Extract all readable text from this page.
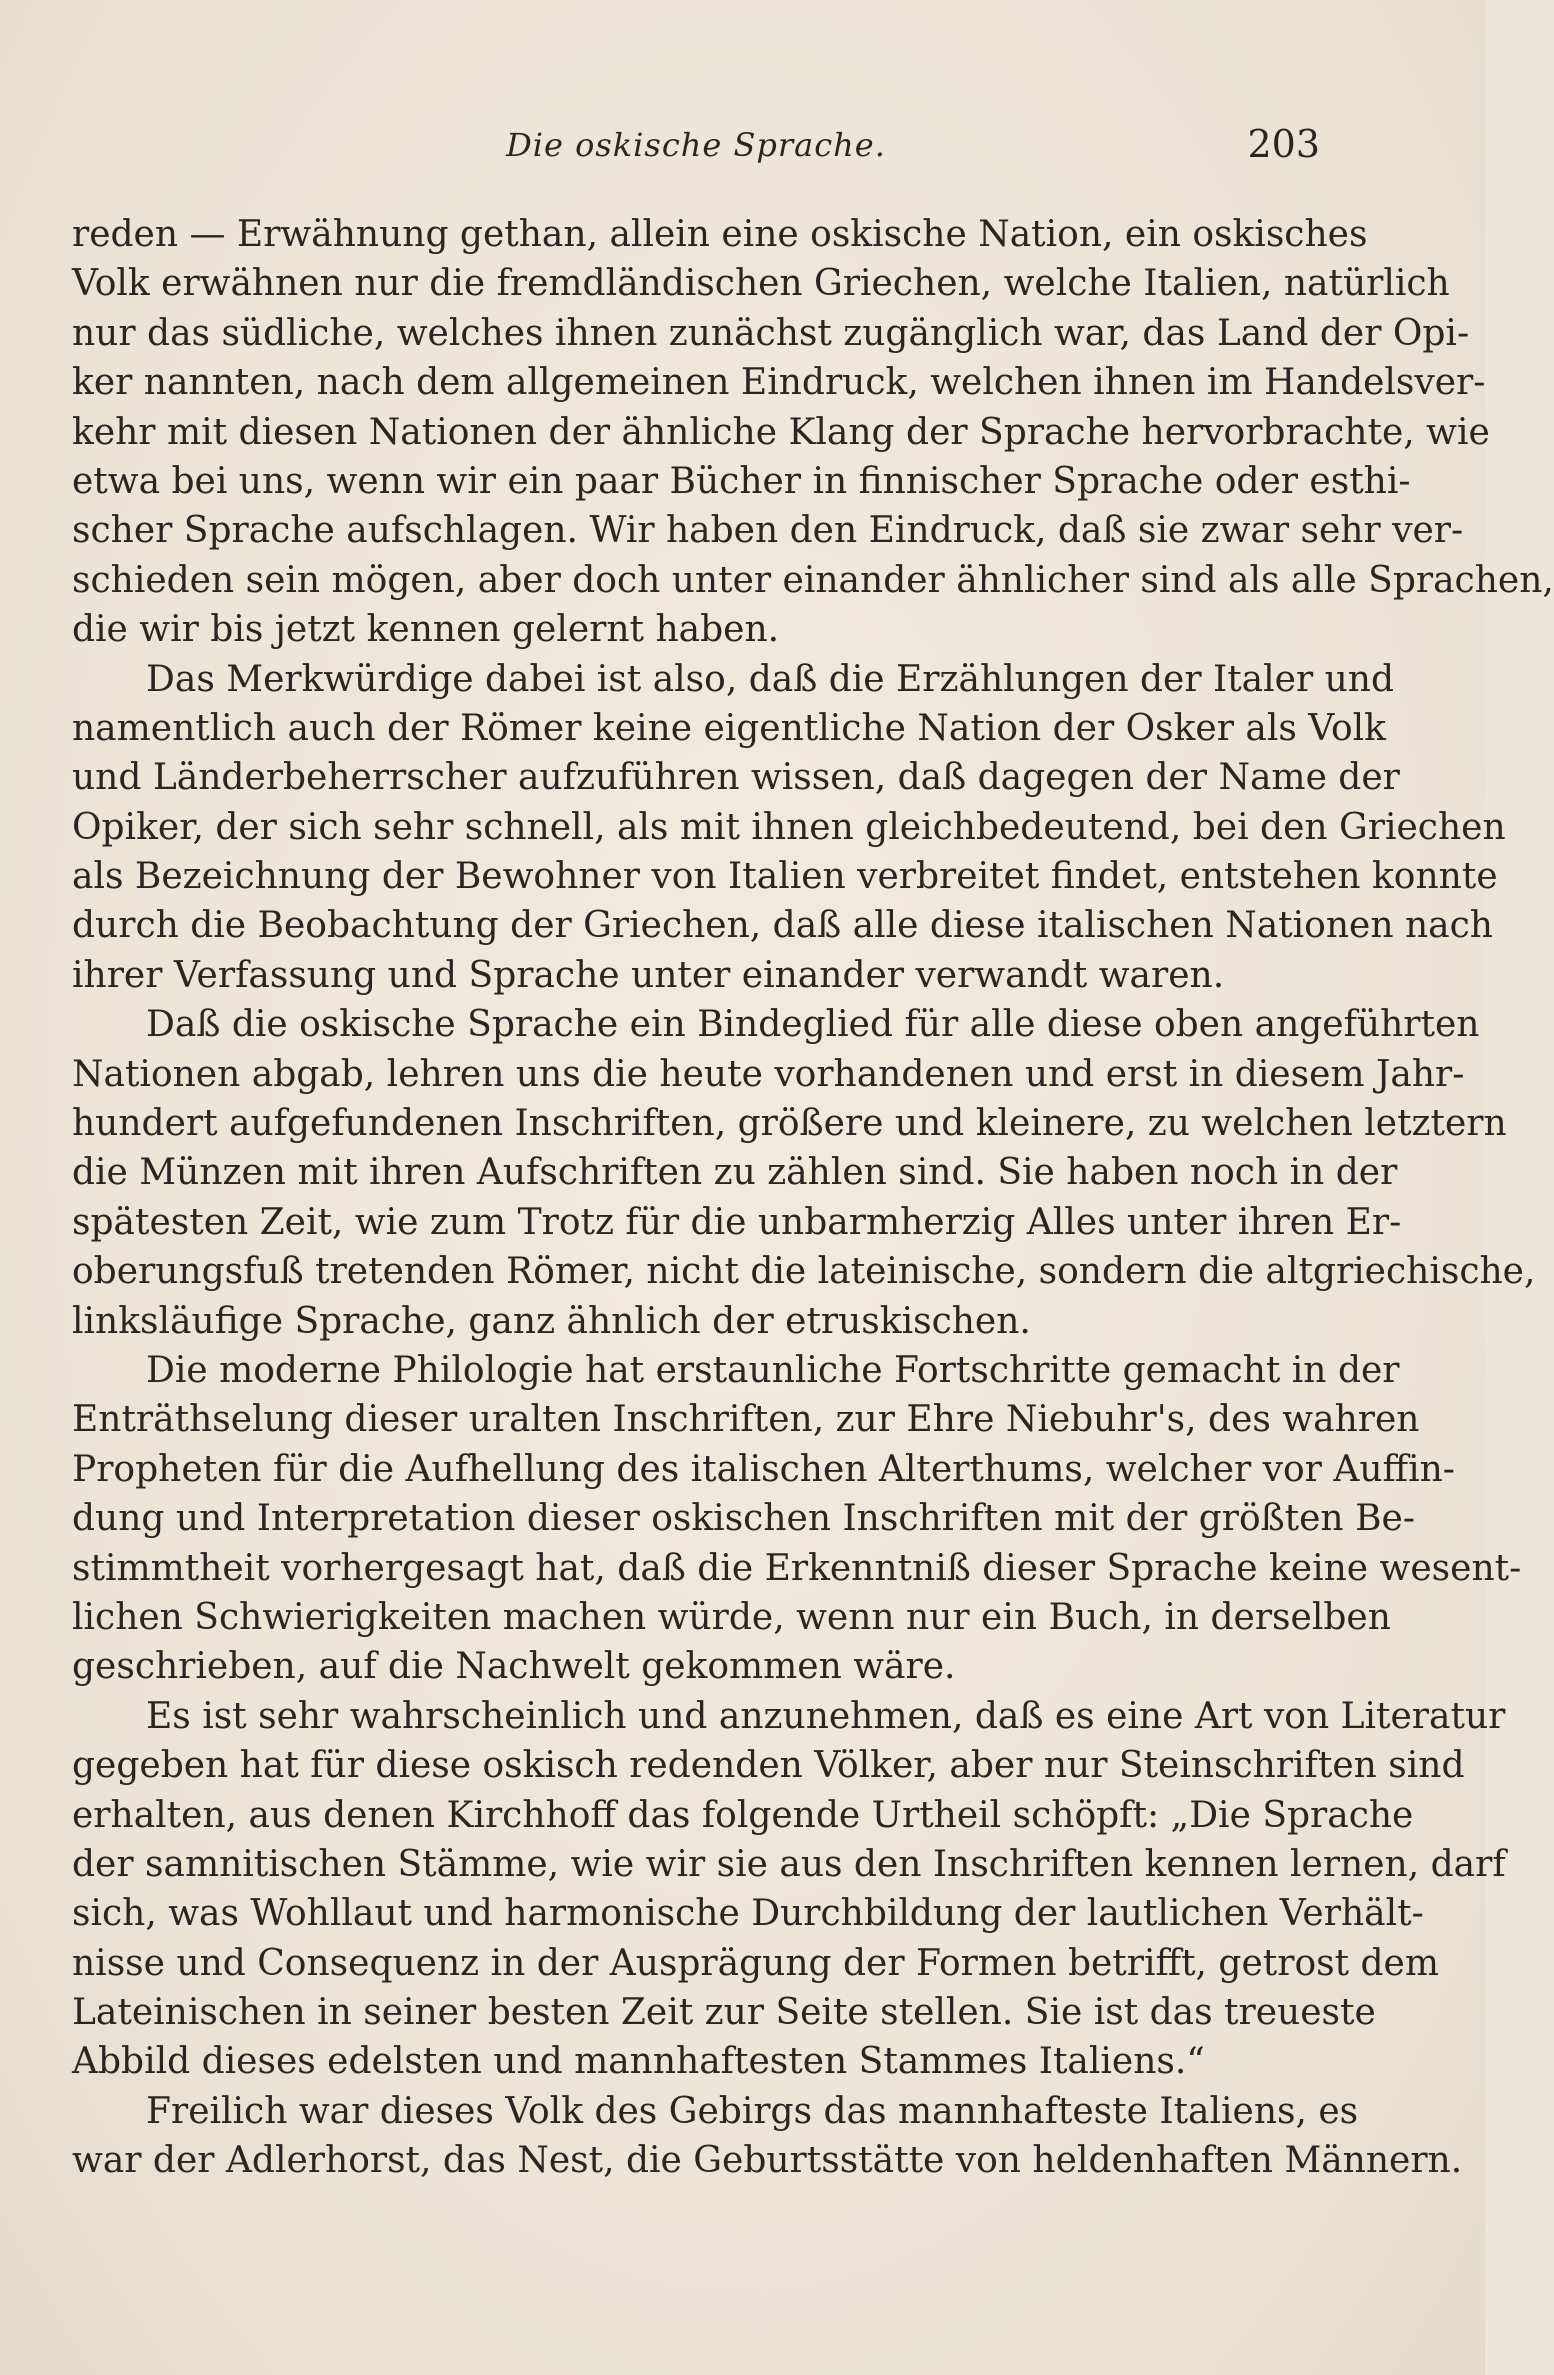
Die oskische Sprache.	203
reden — Erwähnung gethan, allein eine oskische Nation, ein oskisches
Volk erwähnen nur die fremdländischen Griechen, welche Italien, natürlich
nur das südliche, welches ihnen zunächst zugänglich war, das Land der Opi-
ker nannten, nach dem allgemeinen Eindruck, welchen ihnen im Handelsver-
kehr mit diesen Nationen der ähnliche Klang der Sprache hervorbrachte, wie
etwa bei uns, wenn wir ein paar Bücher in finnischer Sprache oder esthi-
scher Sprache aufschlagen. Wir haben den Eindruck, daß sie zwar sehr ver-
schieden sein mögen, aber doch unter einander ähnlicher sind als alle Sprachen,
die wir bis jetzt kennen gelernt haben.
Das Merkwürdige dabei ist also, daß die Erzählungen der Italer und
namentlich auch der Römer keine eigentliche Nation der Osker als Volk
und Länderbeherrscher aufzuführen wissen, daß dagegen der Name der
Opiker, der sich sehr schnell, als mit ihnen gleichbedeutend, bei den Griechen
als Bezeichnung der Bewohner von Italien verbreitet findet, entstehen konnte
durch die Beobachtung der Griechen, daß alle diese italischen Nationen nach
ihrer Verfassung und Sprache unter einander verwandt waren.
Daß die oskische Sprache ein Bindeglied für alle diese oben angeführten
Nationen abgab, lehren uns die heute vorhandenen und erst in diesem Jahr-
hundert aufgefundenen Inschriften, größere und kleinere, zu welchen letztern
die Münzen mit ihren Aufschriften zu zählen sind. Sie haben noch in der
spätesten Zeit, wie zum Trotz für die unbarmherzig Alles unter ihren Er-
oberungsfuß tretenden Römer, nicht die lateinische, sondern die altgriechische,
linksläufige Sprache, ganz ähnlich der etruskischen.
Die moderne Philologie hat erstaunliche Fortschritte gemacht in der
Enträthselung dieser uralten Inschriften, zur Ehre Niebuhr's, des wahren
Propheten für die Aufhellung des italischen Alterthums, welcher vor Auffin-
dung und Interpretation dieser oskischen Inschriften mit der größten Be-
stimmtheit vorhergesagt hat, daß die Erkenntniß dieser Sprache keine wesent-
lichen Schwierigkeiten machen würde, wenn nur ein Buch, in derselben
geschrieben, auf die Nachwelt gekommen wäre.
Es ist sehr wahrscheinlich und anzunehmen, daß es eine Art von Literatur
gegeben hat für diese oskisch redenden Völker, aber nur Steinschriften sind
erhalten, aus denen Kirchhoff das folgende Urtheil schöpft: „Die Sprache
der samnitischen Stämme, wie wir sie aus den Inschriften kennen lernen, darf
sich, was Wohllaut und harmonische Durchbildung der lautlichen Verhält-
nisse und Consequenz in der Ausprägung der Formen betrifft, getrost dem
Lateinischen in seiner besten Zeit zur Seite stellen. Sie ist das treueste
Abbild dieses edelsten und mannhaftesten Stammes Italiens.“
Freilich war dieses Volk des Gebirgs das mannhafteste Italiens, es
war der Adlerhorst, das Nest, die Geburtsstätte von heldenhaften Männern.
